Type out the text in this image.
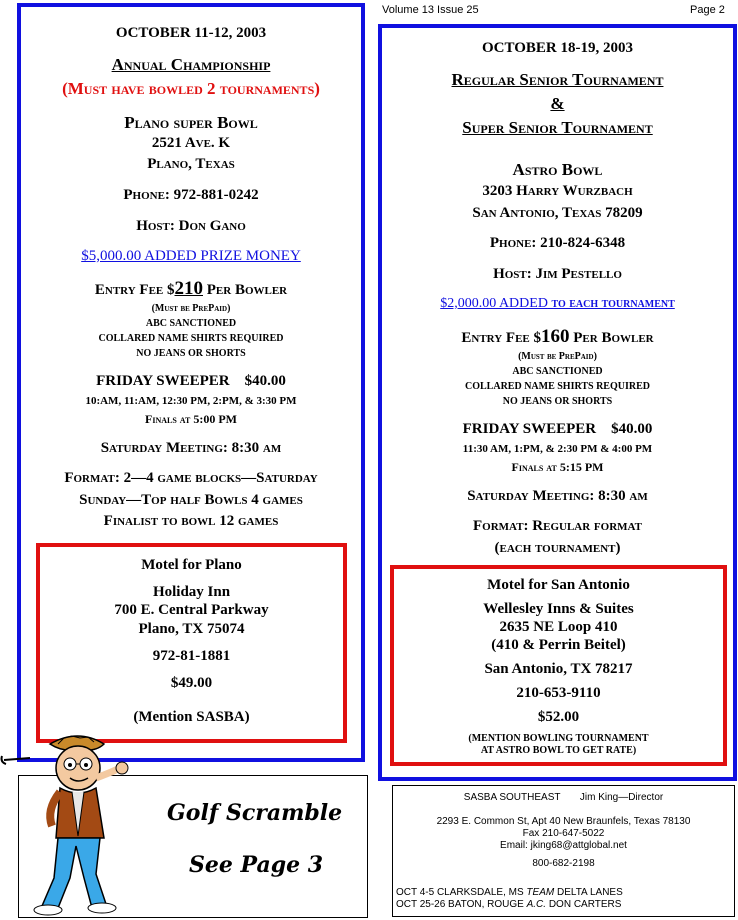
Volume 13 Issue 25	Page 2
OCTOBER 11-12, 2003
Annual Championship
(Must have bowled 2 tournaments)
Plano super Bowl
2521 Ave. K
Plano, Texas
Phone: 972-881-0242
Host: Don Gano
$5,000.00 ADDED PRIZE MONEY
Entry Fee $210 Per Bowler
(Must be PrePaid)
ABC SANCTIONED
COLLARED NAME SHIRTS REQUIRED
NO JEANS OR SHORTS
FRIDAY SWEEPER    $40.00
10:AM, 11:AM, 12:30 PM, 2:PM, & 3:30 PM
Finals at 5:00 PM
Saturday Meeting: 8:30 am
Format: 2—4 game blocks—Saturday
Sunday—Top half Bowls 4 games
Finalist to bowl 12 games
Motel for Plano
Holiday Inn
700 E. Central Parkway
Plano, TX 75074
972-81-1881
$49.00
(Mention SASBA)
OCTOBER 18-19, 2003
Regular Senior Tournament
&
Super Senior Tournament
Astro Bowl
3203 Harry Wurzbach
San Antonio, Texas 78209
Phone: 210-824-6348
Host: Jim Pestello
$2,000.00 ADDED to each tournament
Entry Fee $160 Per Bowler
(Must be PrePaid)
ABC SANCTIONED
COLLARED NAME SHIRTS REQUIRED
NO JEANS OR SHORTS
FRIDAY SWEEPER    $40.00
11:30 AM, 1:PM, & 2:30 PM & 4:00 PM
Finals at 5:15 PM
Saturday Meeting: 8:30 am
Format: Regular format
(each tournament)
Motel for San Antonio
Wellesley Inns & Suites
2635 NE Loop 410
(410 & Perrin Beitel)
San Antonio, TX 78217
210-653-9110
$52.00
(MENTION BOWLING TOURNAMENT
AT ASTRO BOWL TO GET RATE)
Golf Scramble
See Page 3
SASBA SOUTHEAST Jim King—Director
2293 E. Common St, Apt 40 New Braunfels, Texas 78130
Fax 210-647-5022
Email: jking68@attglobal.net
800-682-2198
OCT 4-5 CLARKSDALE, MS TEAM DELTA LANES
OCT 25-26 BATON, ROUGE A.C. DON CARTERS
